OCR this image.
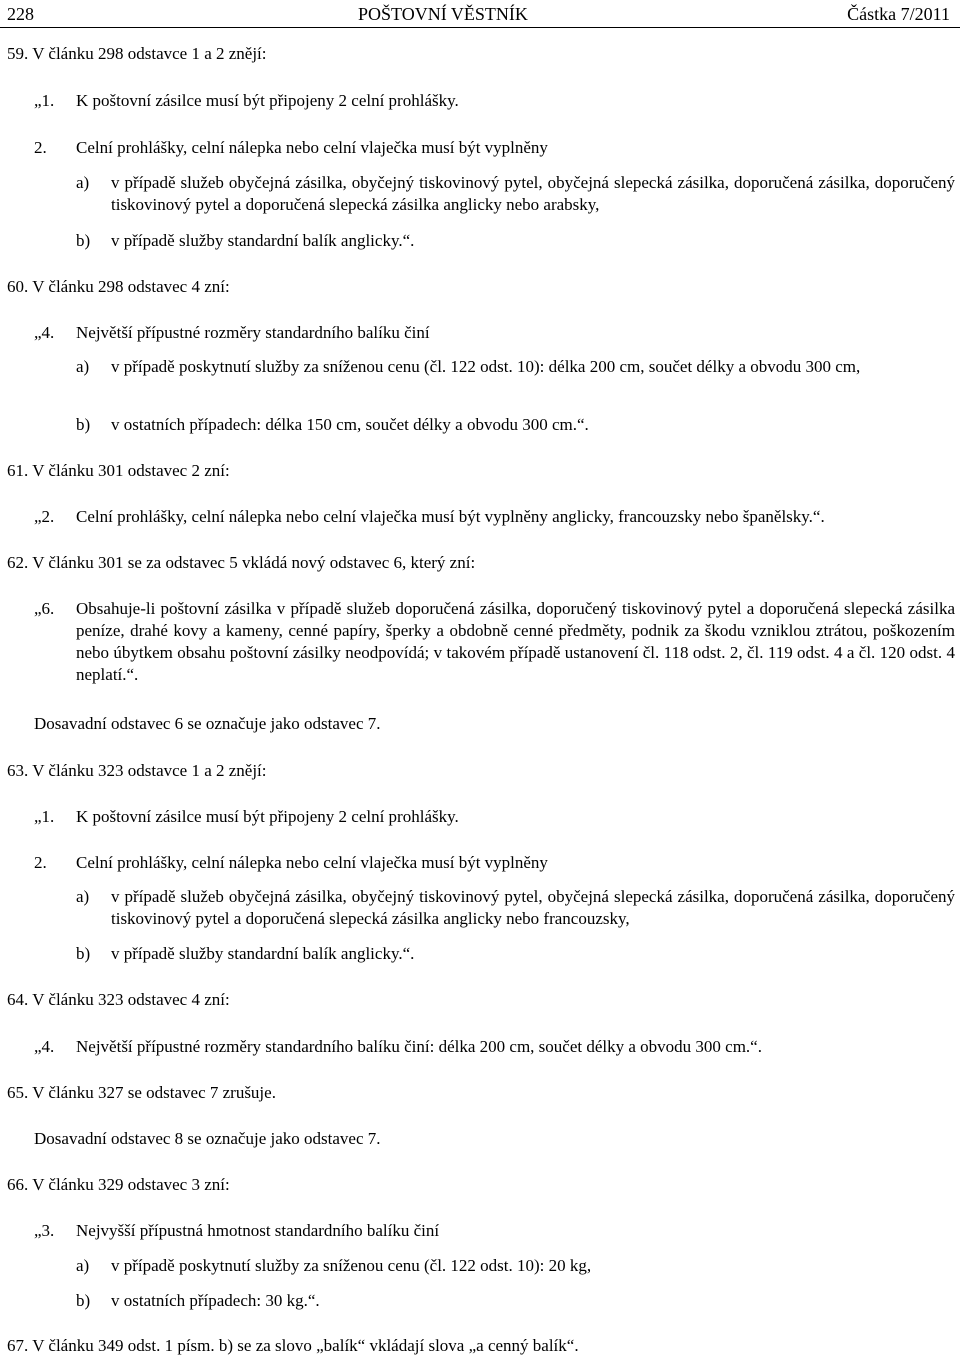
228	POŠTOVNÍ VĚSTNÍK	Částka 7/2011
59. V článku 298 odstavce 1 a 2 znějí:
„1. K poštovní zásilce musí být připojeny 2 celní prohlášky.
2. Celní prohlášky, celní nálepka nebo celní vlaječka musí být vyplněny
a) v případě služeb obyčejná zásilka, obyčejný tiskovinový pytel, obyčejná slepecká zásilka, doporučená zásilka, doporučený tiskovinový pytel a doporučená slepecká zásilka anglicky nebo arabsky,
b) v případě služby standardní balík anglicky.“.
60. V článku 298 odstavec 4 zní:
„4. Největší přípustné rozměry standardního balíku činí
a) v případě poskytnutí služby za sníženou cenu (čl. 122 odst. 10): délka 200 cm, součet délky a obvodu 300 cm,
b) v ostatních případech: délka 150 cm, součet délky a obvodu 300 cm.“.
61. V článku 301 odstavec 2 zní:
„2. Celní prohlášky, celní nálepka nebo celní vlaječka musí být vyplněny anglicky, francouzsky nebo španělsky.“.
62. V článku 301 se za odstavec 5 vkládá nový odstavec 6, který zní:
„6. Obsahuje-li poštovní zásilka v případě služeb doporučená zásilka, doporučený tiskovinový pytel a doporučená slepecká zásilka peníze, drahé kovy a kameny, cenné papíry, šperky a obdobně cenné předměty, podnik za škodu vzniklou ztrátou, poškozením nebo úbytkem obsahu poštovní zásilky neodpovídá; v takovém případě ustanovení čl. 118 odst. 2, čl. 119 odst. 4 a čl. 120 odst. 4 neplatí.“.
Dosavadní odstavec 6 se označuje jako odstavec 7.
63. V článku 323 odstavce 1 a 2 znějí:
„1. K poštovní zásilce musí být připojeny 2 celní prohlášky.
2. Celní prohlášky, celní nálepka nebo celní vlaječka musí být vyplněny
a) v případě služeb obyčejná zásilka, obyčejný tiskovinový pytel, obyčejná slepecká zásilka, doporučená zásilka, doporučený tiskovinový pytel a doporučená slepecká zásilka anglicky nebo francouzsky,
b) v případě služby standardní balík anglicky.“.
64. V článku 323 odstavec 4 zní:
„4. Největší přípustné rozměry standardního balíku činí: délka 200 cm, součet délky a obvodu 300 cm.“.
65. V článku 327 se odstavec 7 zrušuje.
Dosavadní odstavec 8 se označuje jako odstavec 7.
66. V článku 329 odstavec 3 zní:
„3. Nejvyšší přípustná hmotnost standardního balíku činí
a) v případě poskytnutí služby za sníženou cenu (čl. 122 odst. 10): 20 kg,
b) v ostatních případech: 30 kg.“.
67. V článku 349 odst. 1 písm. b) se za slovo „balík“ vkládají slova „a cenný balík“.
